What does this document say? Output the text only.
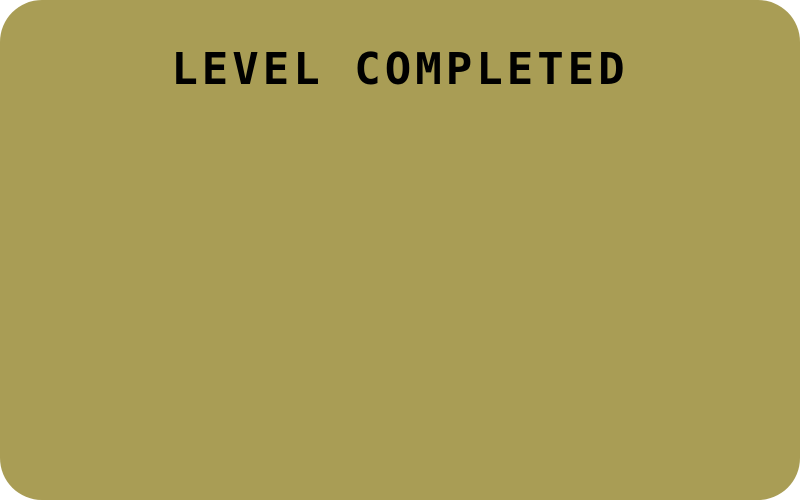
LEVEL COMPLETED
